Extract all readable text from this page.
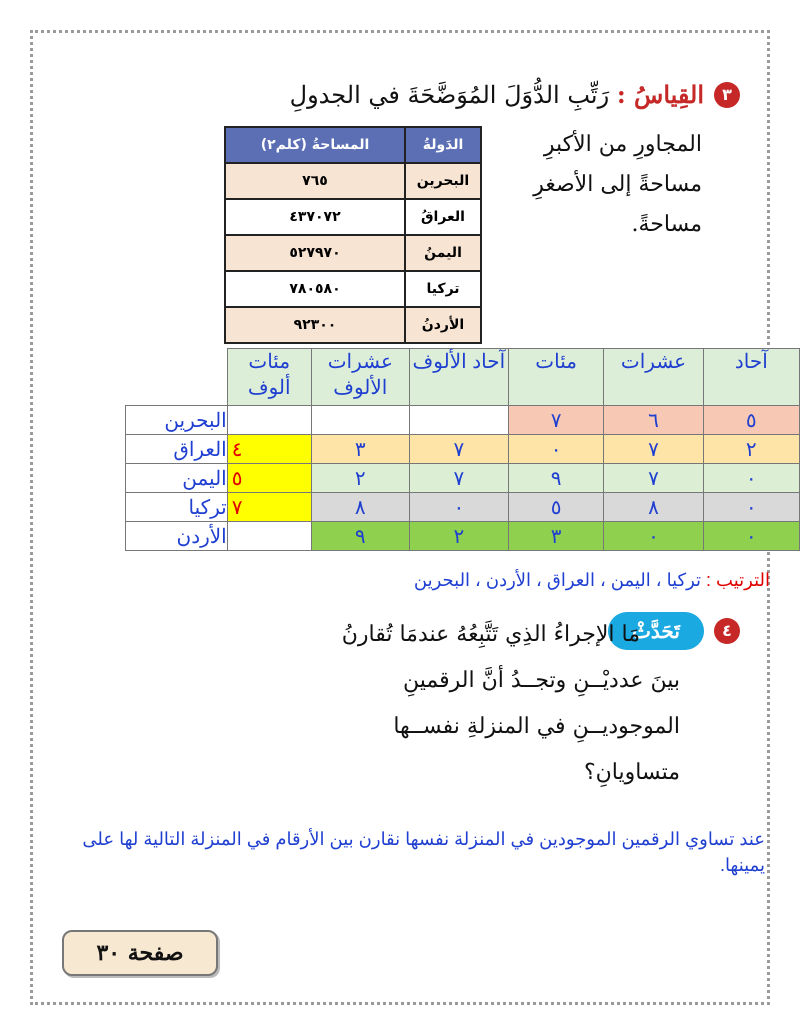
٣
القِياسُ : رَتِّبِ الدُّوَلَ المُوَضَّحَةَ في الجدولِ
المجاورِ من الأكبرِ
مساحةً إلى الأصغرِ
مساحةً.
الدَولةُ	المساحةُ (كلم٢)
البحرين	٧٦٥
العراقُ	٤٣٧٠٧٢
اليمنُ	٥٢٧٩٧٠
تركيا	٧٨٠٥٨٠
الأردنُ	٩٢٣٠٠
آحاد	عشرات	مئات	آحاد الألوف	عشرات الألوف	مئات ألوف	
٥	٦	٧				البحرين
٢	٧	٠	٧	٣	٤	العراق
٠	٧	٩	٧	٢	٥	اليمن
٠	٨	٥	٠	٨	٧	تركيا
٠	٠	٣	٢	٩		الأردن
الترتيب : تركيا ، اليمن ، العراق ، الأردن ، البحرين
٤
تَحَدَّثْ
مَا الإجراءُ الذِي تَتَّبِعُهُ عندمَا تُقارنُ
بينَ عدديْــنِ وتجــدُ أنَّ الرقمينِ
الموجوديــنِ في المنزلةِ نفســها
متساويانِ؟
عند تساوي الرقمين الموجودين في المنزلة نفسها نقارن بين الأرقام في المنزلة التالية لها على يمينها.
صفحة ٣٠
